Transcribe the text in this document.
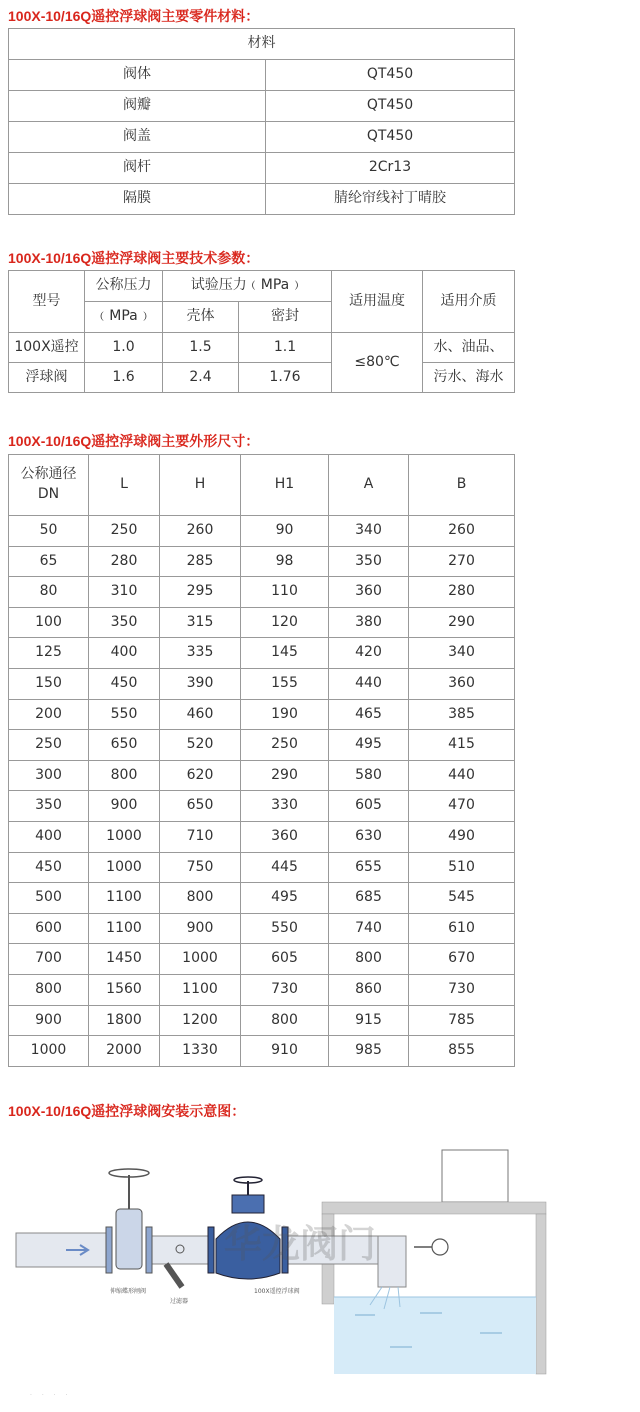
100X-10/16Q遥控浮球阀主要零件材料：
材料	
阀体	QT450
阀瓣	QT450
阀盖	QT450
阀杆	2Cr13
隔膜	腈纶帘线衬丁晴胶
100X-10/16Q遥控浮球阀主要技术参数：
型号	公称压力	试验压力﹙MPa﹚		适用温度	适用介质
	﹙MPa﹚	壳体	密封		
100X遥控	1.0	1.5	1.1	≤80℃	水、油品、
浮球阀	1.6	2.4	1.76		污水、海水
100X-10/16Q遥控浮球阀主要外形尺寸：
公称通径
DN	L	H	H1	A	B
50	250	260	90	340	260
65	280	285	98	350	270
80	310	295	110	360	280
100	350	315	120	380	290
125	400	335	145	420	340
150	450	390	155	440	360
200	550	460	190	465	385
250	650	520	250	495	415
300	800	620	290	580	440
350	900	650	330	605	470
400	1000	710	360	630	490
450	1000	750	445	655	510
500	1100	800	495	685	545
600	1100	900	550	740	610
700	1450	1000	605	800	670
800	1560	1100	730	860	730
900	1800	1200	800	915	785
1000	2000	1330	910	985	855
100X-10/16Q遥控浮球阀安装示意图：
伸缩蝶形闸阀
过滤器
100X遥控浮球阀
华龙阀门
· · · ·
